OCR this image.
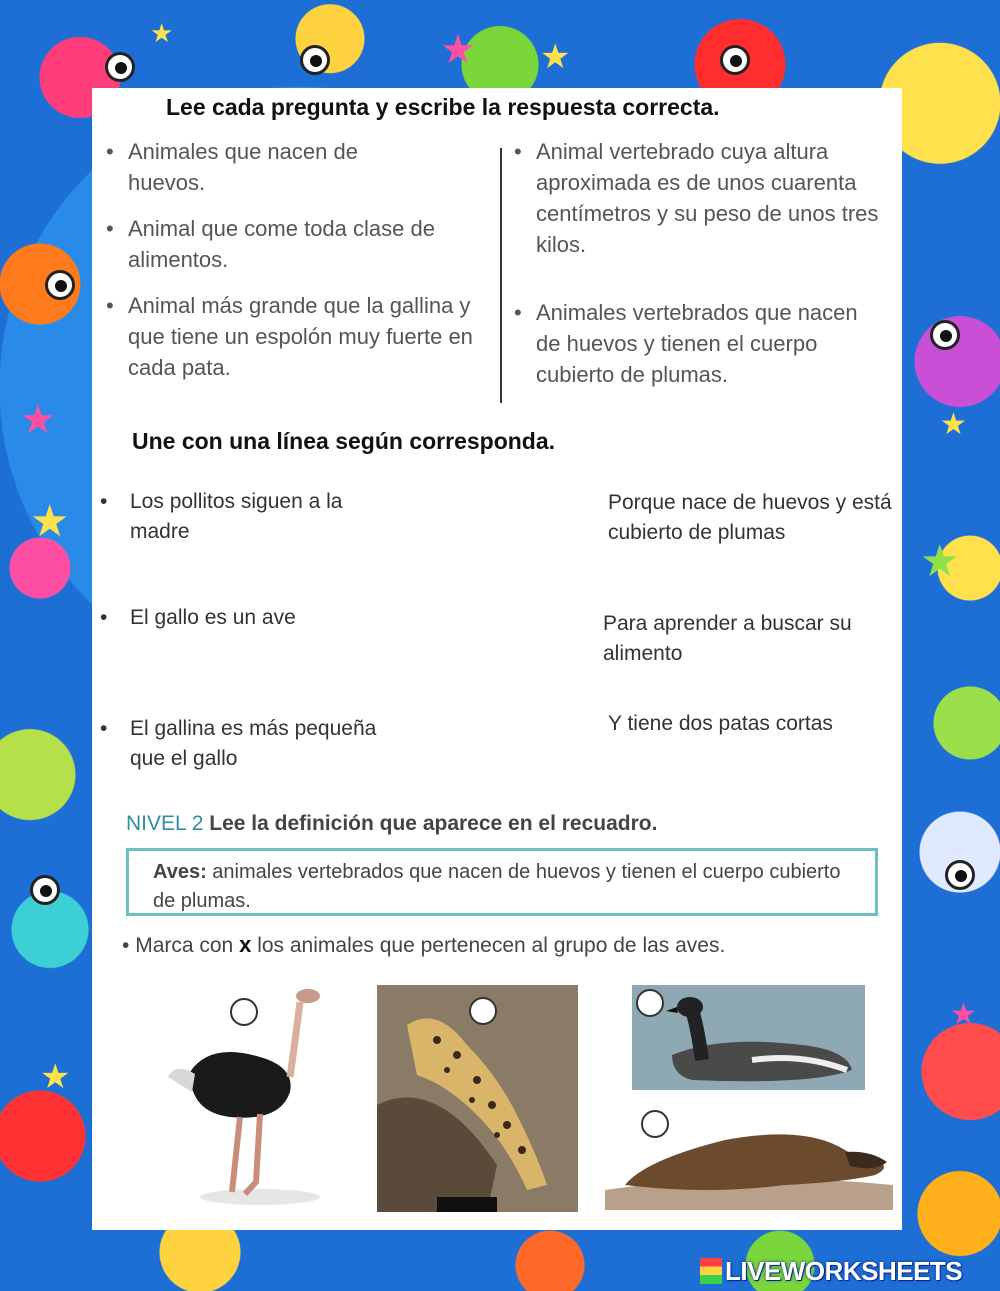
★	★ ★
★
★
★
★
★
★
Lee cada pregunta y escribe la respuesta correcta.
• Animales que nacen de huevos.
• Animal que come toda clase de alimentos.
• Animal más grande que la gallina y que tiene un espolón muy fuerte en cada pata.
• Animal vertebrado cuya altura aproximada es de unos cuarenta centímetros y su peso de unos tres kilos.
• Animales vertebrados que nacen de huevos y tienen el cuerpo cubierto de plumas.
Une con una línea según corresponda.
• Los pollitos siguen a la madre
• El gallo es un ave
• El gallina es más pequeña que el gallo
Porque nace de huevos y está cubierto de plumas
Para aprender a buscar su alimento
Y tiene dos patas cortas
NIVEL 2 Lee la definición que aparece en el recuadro.
Aves: animales vertebrados que nacen de huevos y tienen el cuerpo cubierto de plumas.
• Marca con x los animales que pertenecen al grupo de las aves.
LIVEWORKSHEETS
